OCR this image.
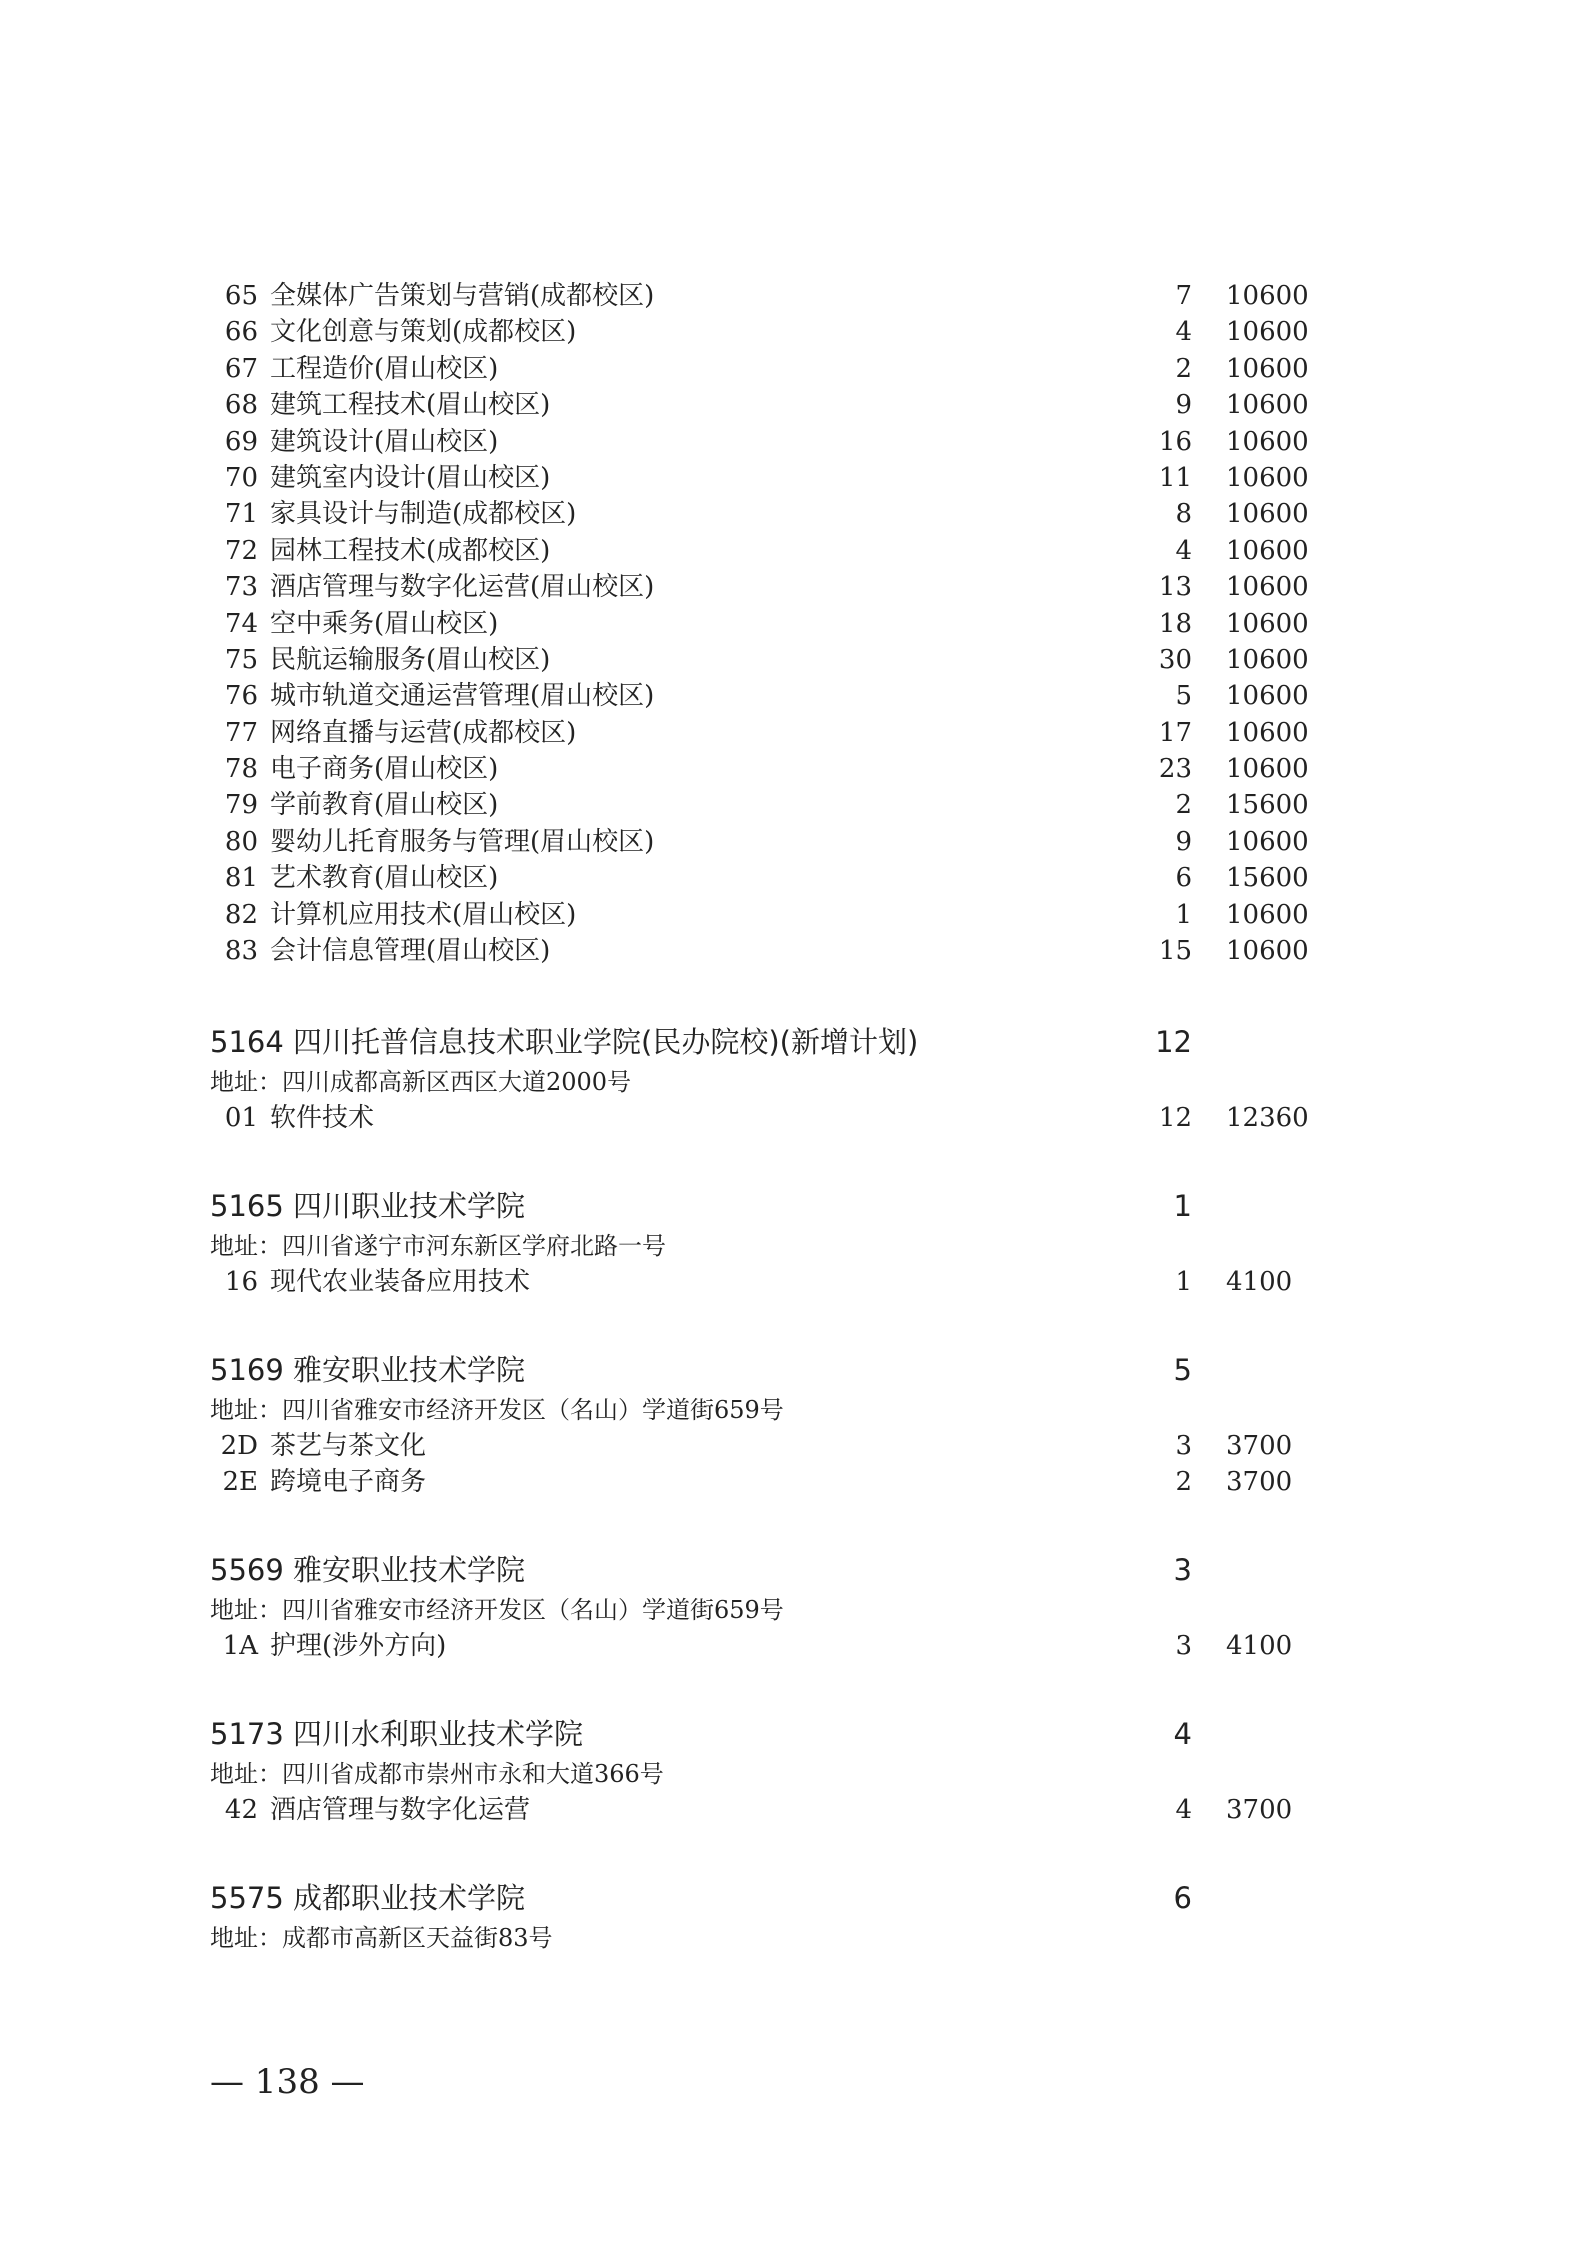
65 全媒体广告策划与营销(成都校区)	7 10600
66 文化创意与策划(成都校区)	4 10600
67 工程造价(眉山校区)	2 10600
68 建筑工程技术(眉山校区)	9 10600
69 建筑设计(眉山校区)	16 10600
70 建筑室内设计(眉山校区)	11 10600
71 家具设计与制造(成都校区)	8 10600
72 园林工程技术(成都校区)	4 10600
73 酒店管理与数字化运营(眉山校区)	13 10600
74 空中乘务(眉山校区)	18 10600
75 民航运输服务(眉山校区)	30 10600
76 城市轨道交通运营管理(眉山校区)	5 10600
77 网络直播与运营(成都校区)	17 10600
78 电子商务(眉山校区)	23 10600
79 学前教育(眉山校区)	2 15600
80 婴幼儿托育服务与管理(眉山校区)	9 10600
81 艺术教育(眉山校区)	6 15600
82 计算机应用技术(眉山校区)	1 10600
83 会计信息管理(眉山校区)	15 10600
5164 四川托普信息技术职业学院(民办院校)(新增计划)	12
地址：四川成都高新区西区大道2000号
01 软件技术	12 12360
5165 四川职业技术学院	1
地址：四川省遂宁市河东新区学府北路一号
16 现代农业装备应用技术	1 4100
5169 雅安职业技术学院	5
地址：四川省雅安市经济开发区（名山）学道街659号
2D 茶艺与茶文化	3 3700
2E 跨境电子商务	2 3700
5569 雅安职业技术学院	3
地址：四川省雅安市经济开发区（名山）学道街659号
1A 护理(涉外方向)	3 4100
5173 四川水利职业技术学院	4
地址：四川省成都市崇州市永和大道366号
42 酒店管理与数字化运营	4 3700
5575 成都职业技术学院	6
地址：成都市高新区天益街83号
— 138 —
